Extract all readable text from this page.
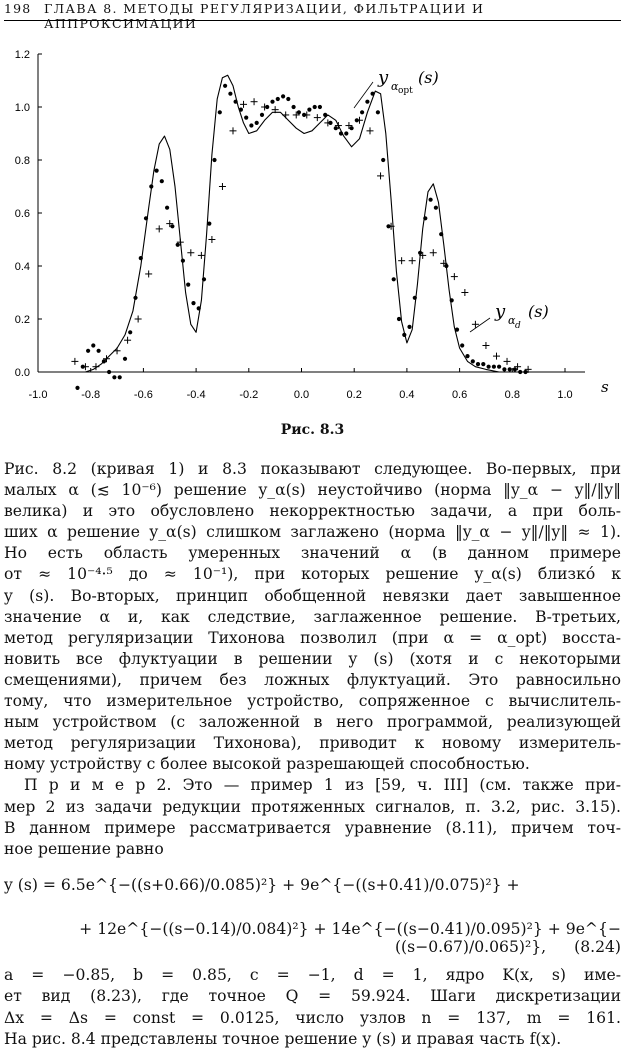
198 ГЛАВА 8. МЕТОДЫ РЕГУЛЯРИЗАЦИИ, ФИЛЬТРАЦИИ И АППРОКСИМАЦИИ
-1.0	-0.8	-0.6	-0.4	-0.2	0.0	0.2	0.4	0.6	0.8	1.0
0.0
0.2
0.4
0.6
0.8
1.0
1.2
y α opt
(s)
y α d
(s)
s
Рис. 8.3

Рис. 8.2 (кривая 1) и 8.3 показывают следующее. Во-первых, при

малых α (≲ 10⁻⁶) решение y_α(s) неустойчиво (норма ‖y_α − y‖/‖y‖

велика) и это обусловлено некорректностью задачи, а при боль-

ших α решение y_α(s) слишком заглажено (норма ‖y_α − y‖/‖y‖ ≈ 1).

Но есть область умеренных значений α (в данном примере

от ≈ 10⁻⁴·⁵ до ≈ 10⁻¹), при которых решение y_α(s) близко́ к

y (s). Во-вторых, принцип обобщенной невязки дает завышенное

значение α и, как следствие, заглаженное решение. В-третьих,

метод регуляризации Тихонова позволил (при α = α_opt) восста-

новить все флуктуации в решении y (s) (хотя и с некоторыми

смещениями), причем без ложных флуктуаций. Это равносильно

тому, что измерительное устройство, сопряженное с вычислитель-

ным устройством (с заложенной в него программой, реализующей

метод регуляризации Тихонова), приводит к новому измеритель-

ному устройству с более высокой разрешающей способностью.

П р и м е р 2. Это — пример 1 из [59, ч. III] (см. также при-

мер 2 из задачи редукции протяженных сигналов, п. 3.2, рис. 3.15).

В данном примере рассматривается уравнение (8.11), причем точ-

ное решение равно

y (s) = 6.5e^{−((s+0.66)/0.085)²} + 9e^{−((s+0.41)/0.075)²} +
+ 12e^{−((s−0.14)/0.084)²} + 14e^{−((s−0.41)/0.095)²} + 9e^{−((s−0.67)/0.065)²}, (8.24)

a = −0.85, b = 0.85, c = −1, d = 1, ядро K(x, s) име-

ет вид (8.23), где точное Q = 59.924. Шаги дискретизации

Δx = Δs = const = 0.0125, число узлов n = 137, m = 161.

На рис. 8.4 представлены точное решение y (s) и правая часть f(x).
